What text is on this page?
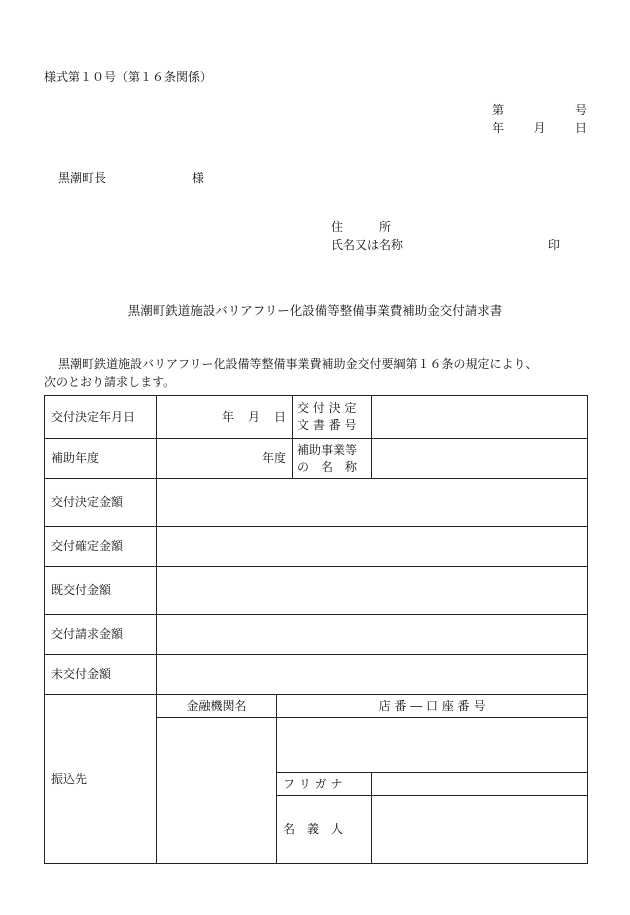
様式第１０号（第１６条関係）
第	号
年 月 日
黒潮町長	様
住　　　所
氏名又は名称	印
黒潮町鉄道施設バリアフリー化設備等整備事業費補助金交付請求書
黒潮町鉄道施設バリアフリー化設備等整備事業費補助金交付要綱第１６条の規定により、
次のとおり請求します。
交付決定年月日	年 月 日		交 付 決 定
文 書 番 号	

補助年度	年度		補助事業等
の　名　称	

交付決定金額				
交付確定金額				
既交付金額				
交付請求金額				
未交付金額				
振込先	金融機関名	店 番 ― 口 座 番 号		

		フ リ ガ ナ		
		名　義　人		
